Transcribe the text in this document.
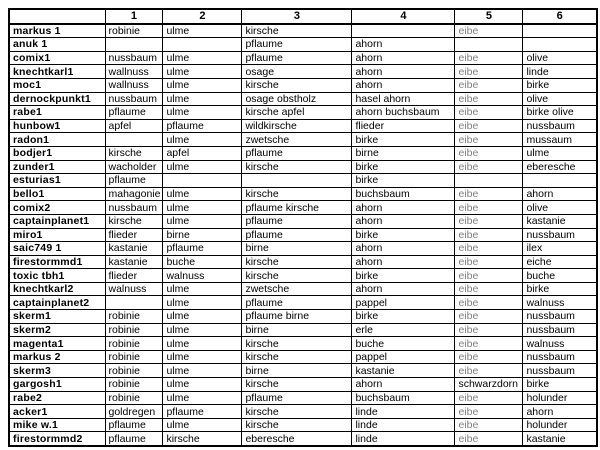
	1	2	3	4	5	6
markus 1	robinie	ulme	kirsche		eibe	
anuk 1			pflaume	ahorn		
comix1	nussbaum	ulme	pflaume	ahorn	eibe	olive
knechtkarl1	wallnuss	ulme	osage	ahorn	eibe	linde
moc1	wallnuss	ulme	kirsche	ahorn	eibe	birke
dernockpunkt1	nussbaum	ulme	osage obstholz	hasel ahorn	eibe	olive
rabe1	pflaume	ulme	kirsche apfel	ahorn buchsbaum	eibe	birke olive
hunbow1	apfel	pflaume	wildkirsche	flieder	eibe	nussbaum
radon1		ulme	zwetsche	birke	eibe	mussaum
bodjer1	kirsche	apfel	pflaume	birne	eibe	ulme
zunder1	wacholder	ulme	kirsche	birke	eibe	eberesche
esturias1	pflaume			birke		
bello1	mahagonie	ulme	kirsche	buchsbaum	eibe	ahorn
comix2	nussbaum	ulme	pflaume kirsche	ahorn	eibe	olive
captainplanet1	kirsche	ulme	pflaume	ahorn	eibe	kastanie
miro1	flieder	birne	pflaume	birke	eibe	nussbaum
saic749 1	kastanie	pflaume	birne	ahorn	eibe	ilex
firestormmd1	kastanie	buche	kirsche	ahorn	eibe	eiche
toxic tbh1	flieder	walnuss	kirsche	birke	eibe	buche
knechtkarl2	walnuss	ulme	zwetsche	ahorn	eibe	birke
captainplanet2		ulme	pflaume	pappel	eibe	walnuss
skerm1	robinie	ulme	pflaume birne	birke	eibe	nussbaum
skerm2	robinie	ulme	birne	erle	eibe	nussbaum
magenta1	robinie	ulme	kirsche	buche	eibe	walnuss
markus 2	robinie	ulme	kirsche	pappel	eibe	nussbaum
skerm3	robinie	ulme	birne	kastanie	eibe	nussbaum
gargosh1	robinie	ulme	kirsche	ahorn	schwarzdorn	birke
rabe2	robinie	ulme	pflaume	buchsbaum	eibe	holunder
acker1	goldregen	pflaume	kirsche	linde	eibe	ahorn
mike w.1	pflaume	ulme	kirsche	linde	eibe	holunder
firestormmd2	pflaume	kirsche	eberesche	linde	eibe	kastanie
